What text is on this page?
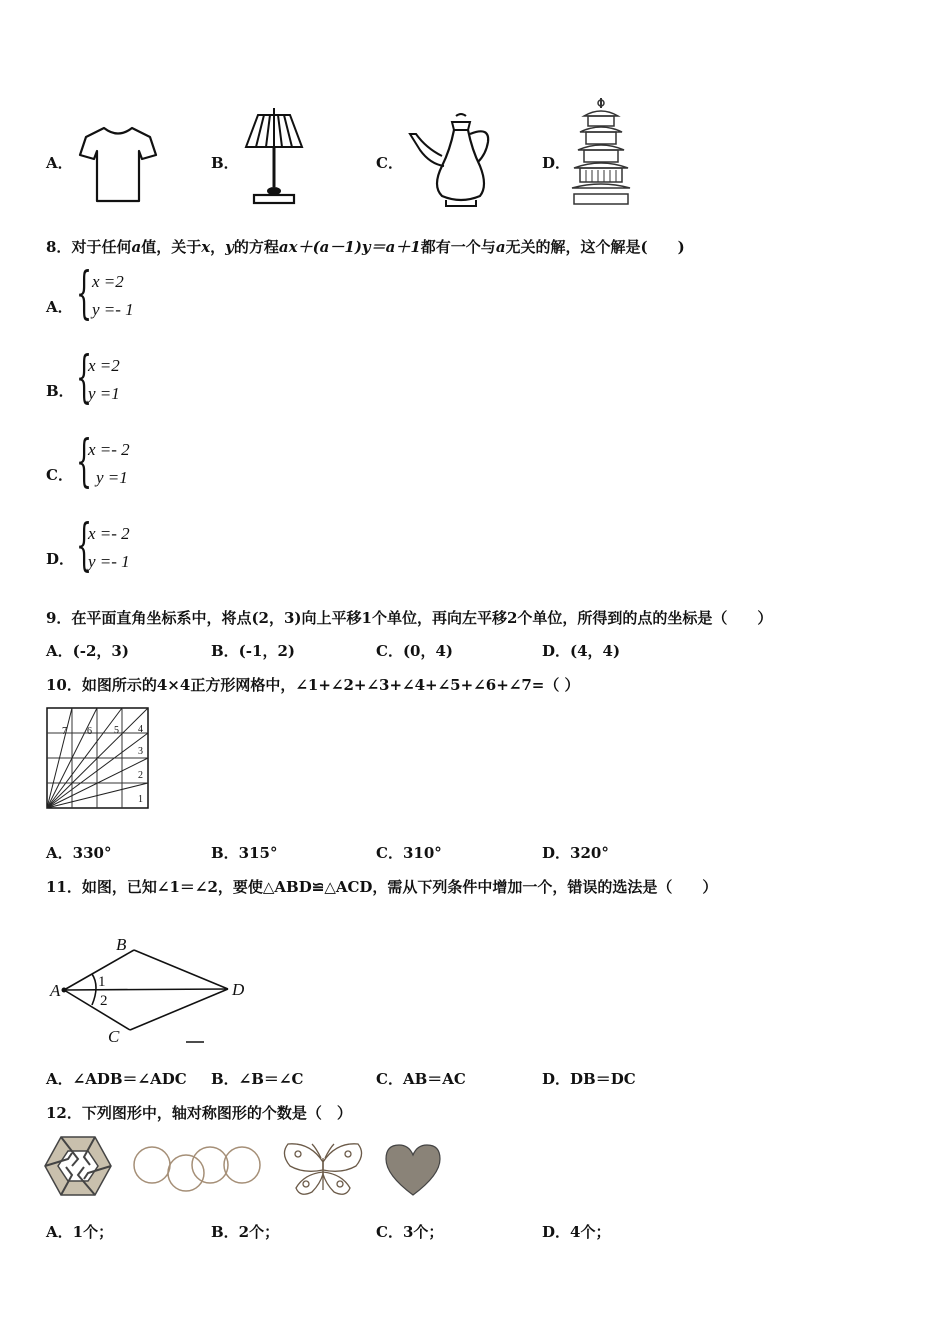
A．	B．	C．	D．
8．对于任何a值，关于x，y的方程ax＋(a－1)y＝a＋1都有一个与a无关的解，这个解是(　　)
A． { x =2
y =- 1
B． {
x =2
y =1
C． {
x =- 2
y =1
D． {
x =- 2
y =- 1
9．在平面直角坐标系中，将点(2，3)向上平移1个单位，再向左平移2个单位，所得到的点的坐标是（　　）
A．(-2，3)	B．(-1，2)	C．(0，4)	D．(4，4)
10．如图所示的4×4正方形网格中，∠1+∠2+∠3+∠4+∠5+∠6+∠7=（ ）
1
2
3
4
5
6
7
A．330°	B．315°	C．310°	D．320°
11．如图，已知∠1＝∠2，要使△ABD≌△ACD，需从下列条件中增加一个，错误的选法是（　　）
A
B
C
D
1
2
A．∠ADB＝∠ADC B．∠B＝∠C	C．AB＝AC	D．DB＝DC
12．下列图形中，轴对称图形的个数是（　）
A．1个；	B．2个；	C．3个；	D．4个；
